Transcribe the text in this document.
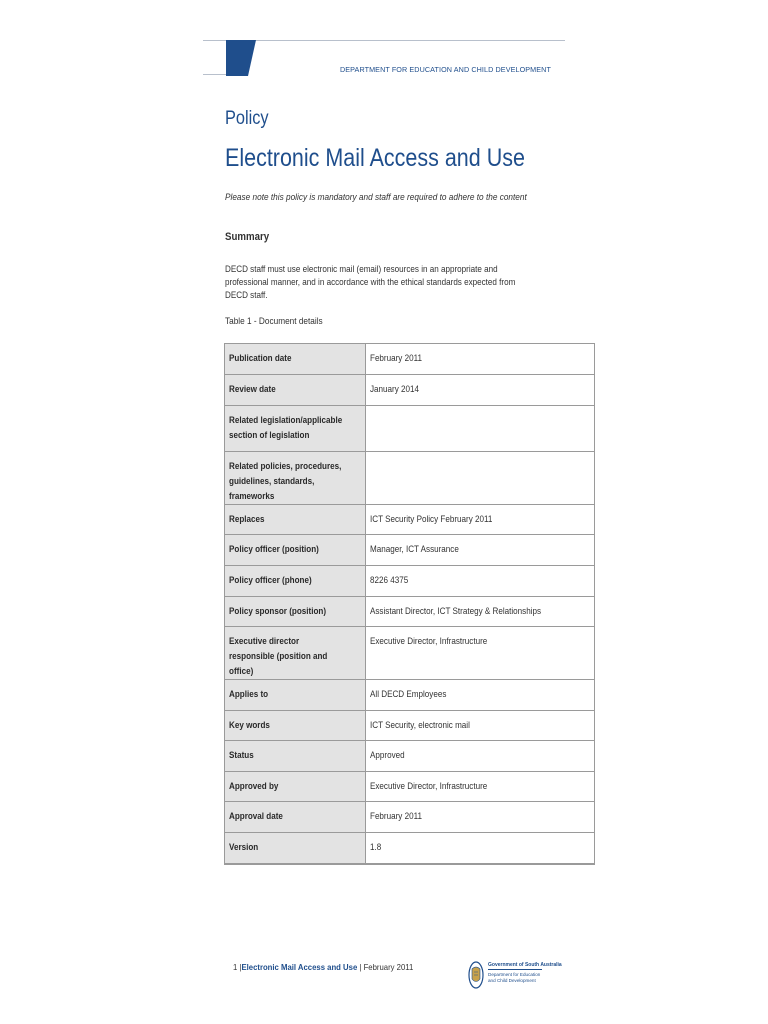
DEPARTMENT FOR EDUCATION AND CHILD DEVELOPMENT
Policy
Electronic Mail Access and Use
Please note this policy is mandatory and staff are required to adhere to the content
Summary
DECD staff must use electronic mail (email) resources in an appropriate and professional manner, and in accordance with the ethical standards expected from DECD staff.
Table 1 - Document details
Publication date	February 2011
Review date	January 2014
Related legislation/applicable section of legislation	
Related policies, procedures, guidelines, standards, frameworks	
Replaces	ICT Security Policy February 2011
Policy officer (position)	Manager, ICT Assurance
Policy officer (phone)	8226 4375
Policy sponsor (position)	Assistant Director, ICT Strategy & Relationships
Executive director responsible (position and office)	Executive Director, Infrastructure
Applies to	All DECD Employees
Key words	ICT Security, electronic mail
Status	Approved
Approved by	Executive Director, Infrastructure
Approval date	February 2011
Version	1.8
1 |Electronic Mail Access and Use | February 2011	Government of South Australia
Department for Education and Child Development
